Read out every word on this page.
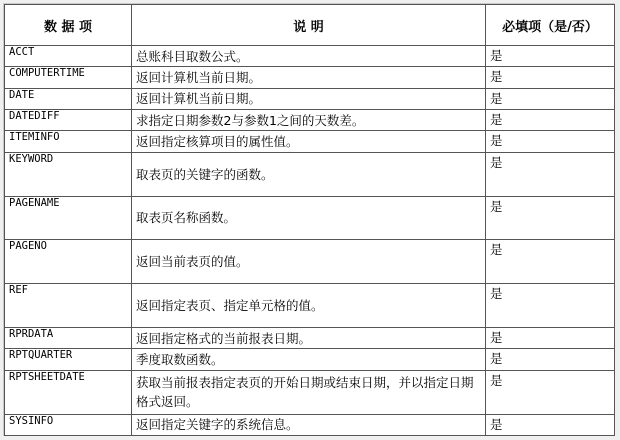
数 据 项	说 明	必填项（是/否）
ACCT	总账科目取数公式。	是
COMPUTERTIME	返回计算机当前日期。	是
DATE	返回计算机当前日期。	是
DATEDIFF	求指定日期参数2与参数1之间的天数差。	是
ITEMINFO	返回指定核算项目的属性值。	是
KEYWORD	取表页的关键字的函数。	是
PAGENAME	取表页名称函数。	是
PAGENO	返回当前表页的值。	是
REF	返回指定表页、指定单元格的值。	是
RPRDATA	返回指定格式的当前报表日期。	是
RPTQUARTER	季度取数函数。	是
RPTSHEETDATE	获取当前报表指定表页的开始日期或结束日期，并以指定日期格式返回。	是
SYSINFO	返回指定关键字的系统信息。	是
